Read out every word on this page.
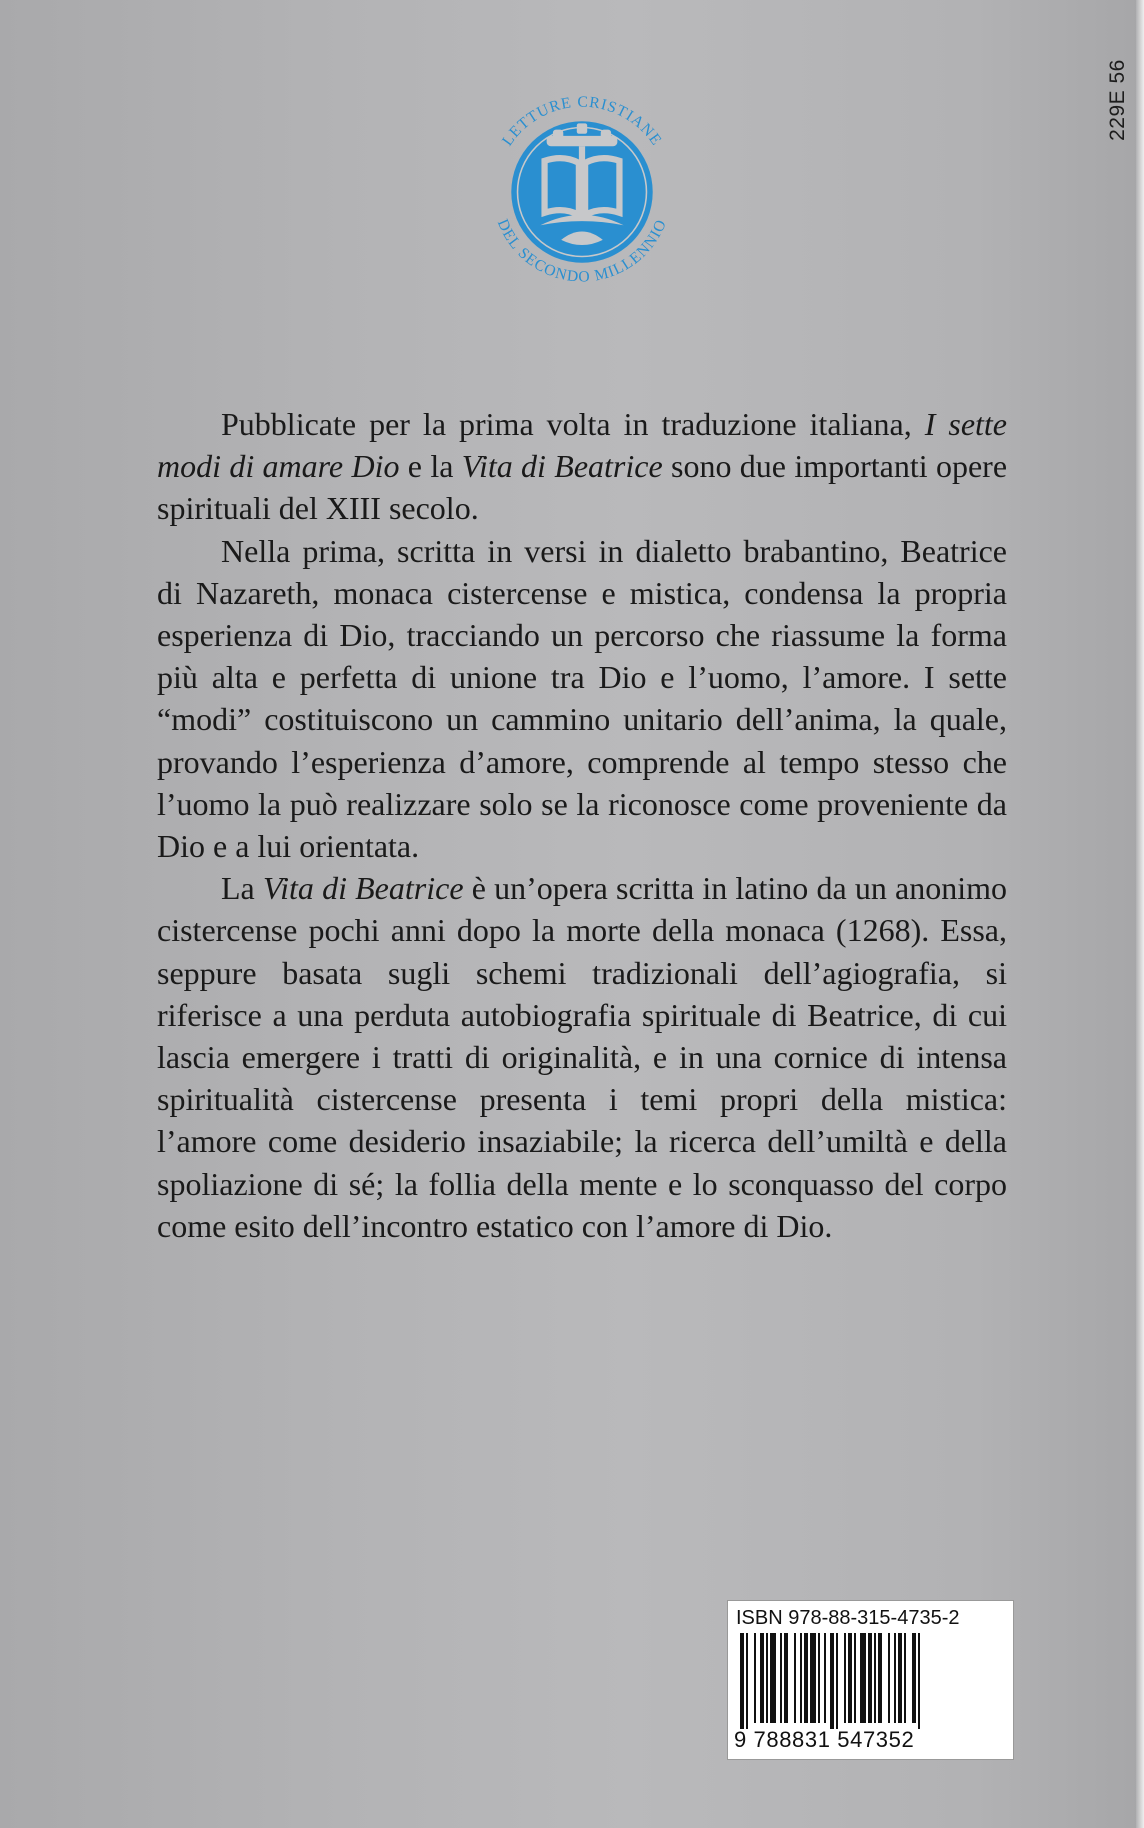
229E 56
LETTURE CRISTIANE
DEL SECONDO MILLENNIO

Pubblicate per la prima volta in traduzione italiana, I sette modi di amare Dio e la Vita di Beatrice sono due importanti opere spirituali del XIII secolo.

Nella prima, scritta in versi in dialetto brabantino, Beatrice di Nazareth, monaca cistercense e mistica, condensa la propria esperienza di Dio, tracciando un percorso che riassume la forma più alta e perfetta di unione tra Dio e l’uomo, l’amore. I sette “modi” costituiscono un cammino unitario dell’anima, la quale, provando l’esperienza d’amore, comprende al tempo stesso che l’uomo la può realizzare solo se la riconosce come proveniente da Dio e a lui orientata.

La Vita di Beatrice è un’opera scritta in latino da un anonimo cistercense pochi anni dopo la morte della monaca (1268). Essa, seppure basata sugli schemi tradizionali dell’agiografia, si riferisce a una perduta autobiografia spirituale di Beatrice, di cui lascia emergere i tratti di originalità, e in una cornice di intensa spiritualità cistercense presenta i temi propri della mistica: l’amore come desiderio insaziabile; la ricerca dell’umiltà e della spoliazione di sé; la follia della mente e lo sconquasso del corpo come esito dell’incontro estatico con l’amore di Dio.

ISBN 978-88-315-4735-2
9 788831 547352
